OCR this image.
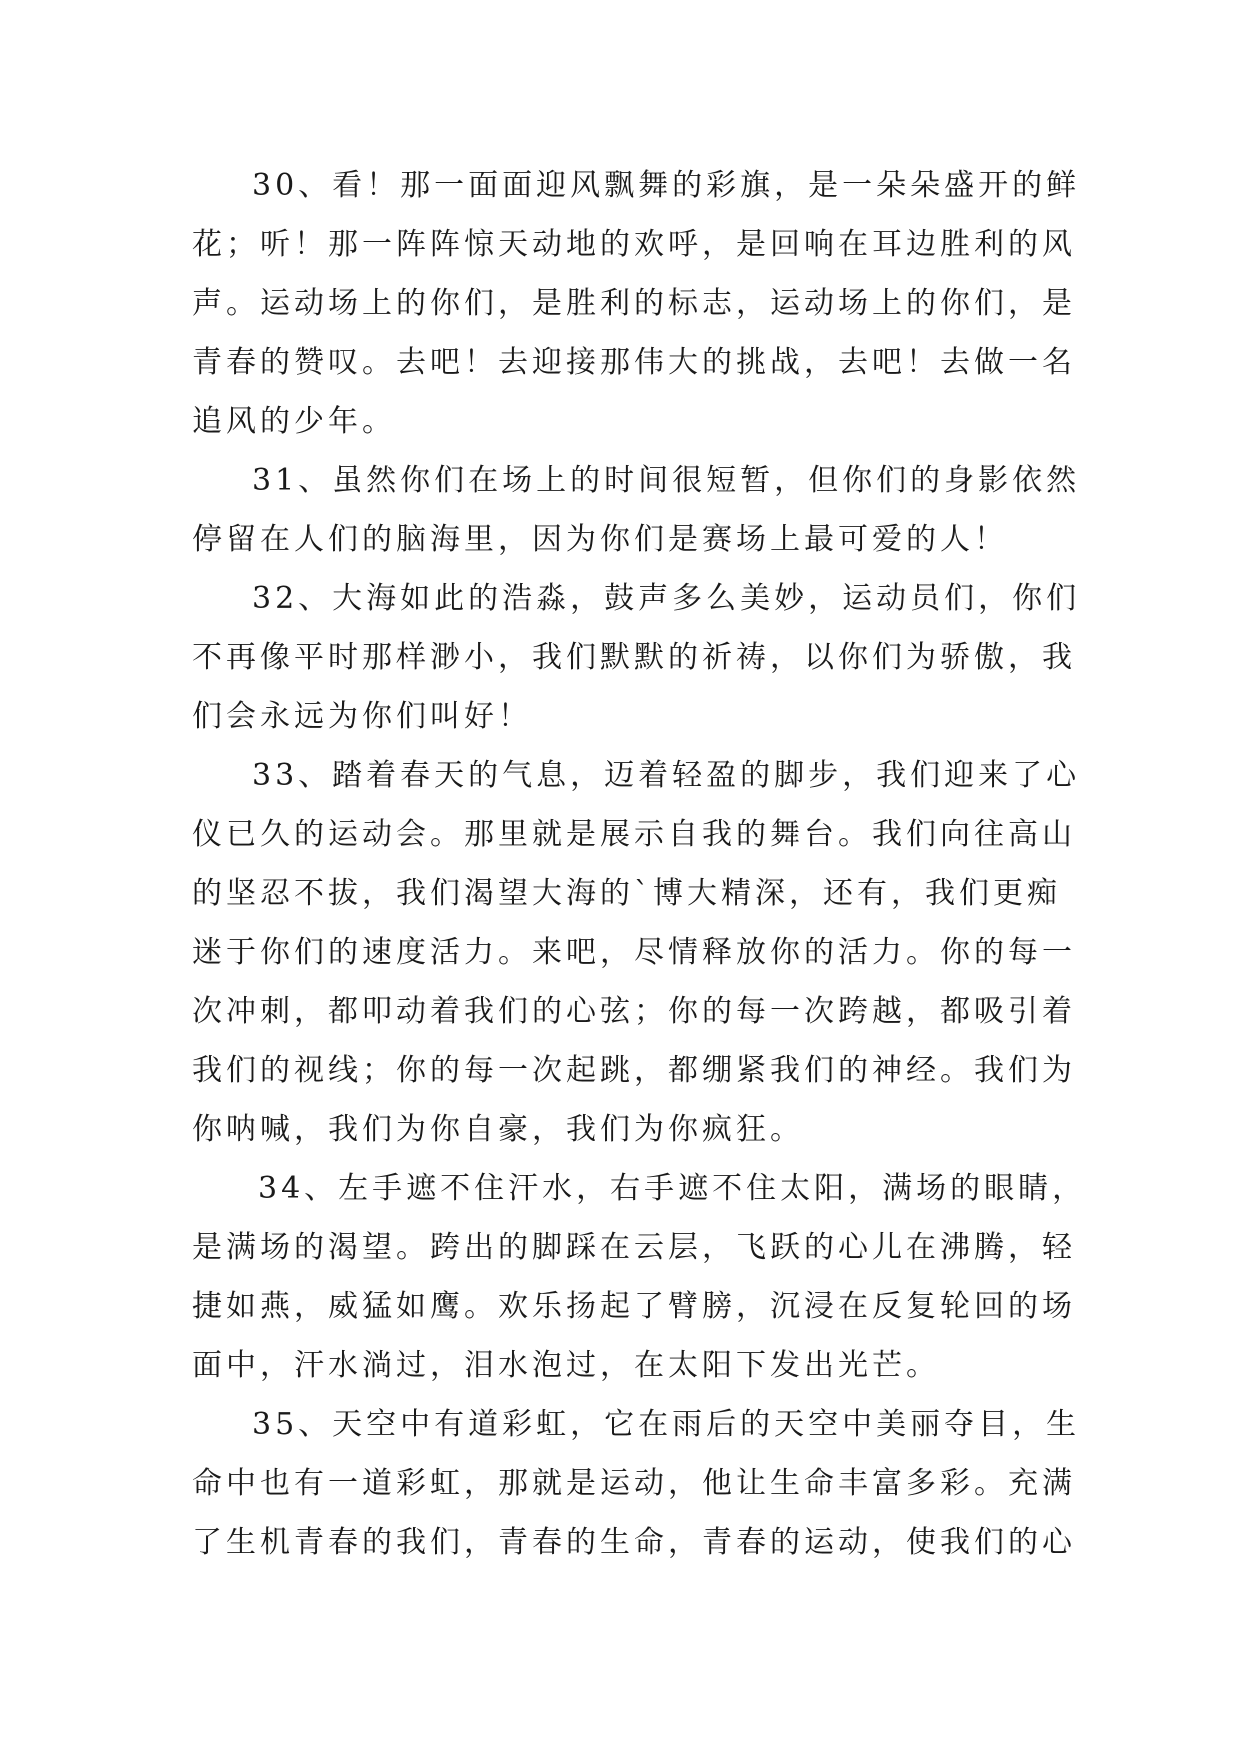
30、看！那一面面迎风飘舞的彩旗，是一朵朵盛开的鲜
花；听！那一阵阵惊天动地的欢呼，是回响在耳边胜利的风
声。运动场上的你们，是胜利的标志，运动场上的你们，是
青春的赞叹。去吧！去迎接那伟大的挑战，去吧！去做一名
追风的少年。
31、虽然你们在场上的时间很短暂，但你们的身影依然
停留在人们的脑海里，因为你们是赛场上最可爱的人！
32、大海如此的浩淼，鼓声多么美妙，运动员们，你们
不再像平时那样渺小，我们默默的祈祷，以你们为骄傲，我
们会永远为你们叫好！
33、踏着春天的气息，迈着轻盈的脚步，我们迎来了心
仪已久的运动会。那里就是展示自我的舞台。我们向往高山
的坚忍不拔，我们渴望大海的`博大精深，还有，我们更痴
迷于你们的速度活力。来吧，尽情释放你的活力。你的每一
次冲刺，都叩动着我们的心弦；你的每一次跨越，都吸引着
我们的视线；你的每一次起跳，都绷紧我们的神经。我们为
你呐喊，我们为你自豪，我们为你疯狂。
34、左手遮不住汗水，右手遮不住太阳，满场的眼睛，
是满场的渴望。跨出的脚踩在云层，飞跃的心儿在沸腾，轻
捷如燕，威猛如鹰。欢乐扬起了臂膀，沉浸在反复轮回的场
面中，汗水淌过，泪水泡过，在太阳下发出光芒。
35、天空中有道彩虹，它在雨后的天空中美丽夺目，生
命中也有一道彩虹，那就是运动，他让生命丰富多彩。充满
了生机青春的我们，青春的生命，青春的运动，使我们的心
